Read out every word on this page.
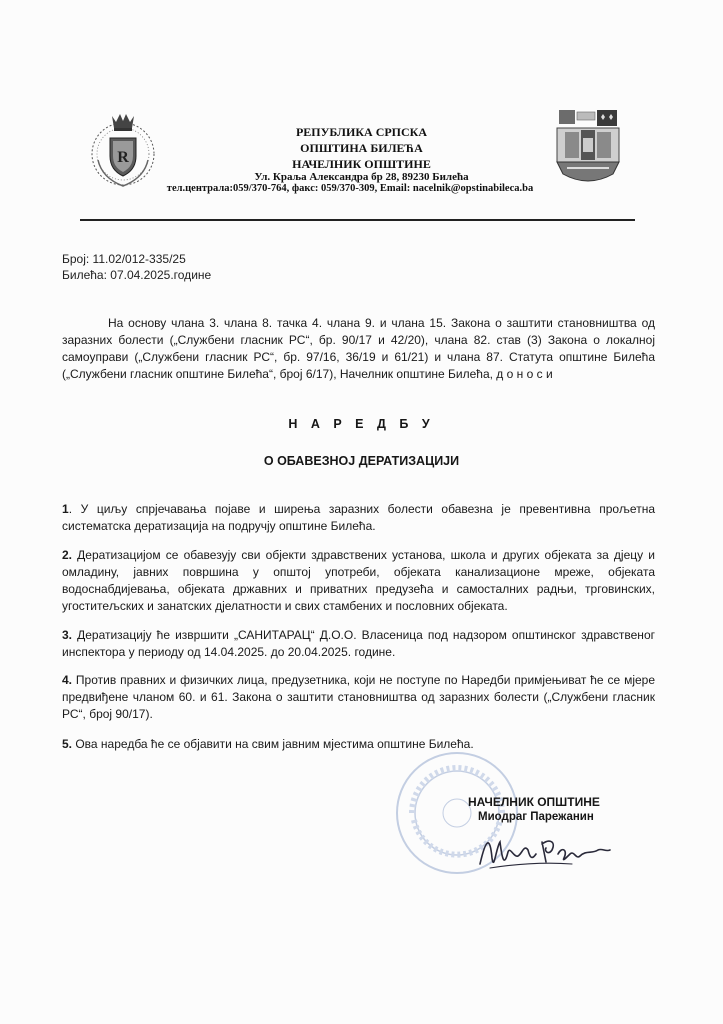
R
РЕПУБЛИКА СРПСКА
ОПШТИНА БИЛЕЋА
НАЧЕЛНИК ОПШТИНЕ
Ул. Краља Александра бр 28, 89230 Билећа
тел.централа:059/370-764, факс: 059/370-309, Email: nacelnik@opstinabileca.ba
Број: 11.02/012-335/25
Билећа: 07.04.2025.године

На основу члана 3. члана 8. тачка 4. члана 9. и члана 15. Закона о заштити становништва од заразних болести („Службени гласник РС“, бр. 90/17 и 42/20), члана 82. став (3) Закона о локалној самоуправи („Службени гласник РС“, бр. 97/16, 36/19 и 61/21) и члана 87. Статута општине Билећа („Службени гласник општине Билећа“, број 6/17), Начелник општине Билећа, д о н о с и

Н А Р Е Д Б У
О ОБАВЕЗНОЈ ДЕРАТИЗАЦИЈИ

1. У циљу спрјечавања појаве и ширења заразних болести обавезна је превентивна прољетна систематска дератизација на подручју општине Билећа.

2. Дератизацијом се обавезују сви објекти здравствених установа, школа и других објеката за дјецу и омладину, јавних површина у општој употреби, објеката канализационе мреже, објеката водоснабдијевања, објеката државних и приватних предузећа и самосталних радњи, трговинских, угоститељских и занатских дјелатности и свих стамбених и пословних објеката.

3. Дератизацију ће извршити „САНИТАРАЦ“ Д.О.О. Власеница под надзором општинског здравственог инспектора у периоду од 14.04.2025. до 20.04.2025. године.

4. Против правних и физичких лица, предузетника, који не поступе по Наредби примјењиват ће се мјере предвиђене чланом 60. и 61. Закона о заштити становништва од заразних болести („Службени гласник РС“, број 90/17).

5. Ова наредба ће се објавити на свим јавним мјестима општине Билећа.

НАЧЕЛНИК ОПШТИНЕ
Миодраг Парежанин
